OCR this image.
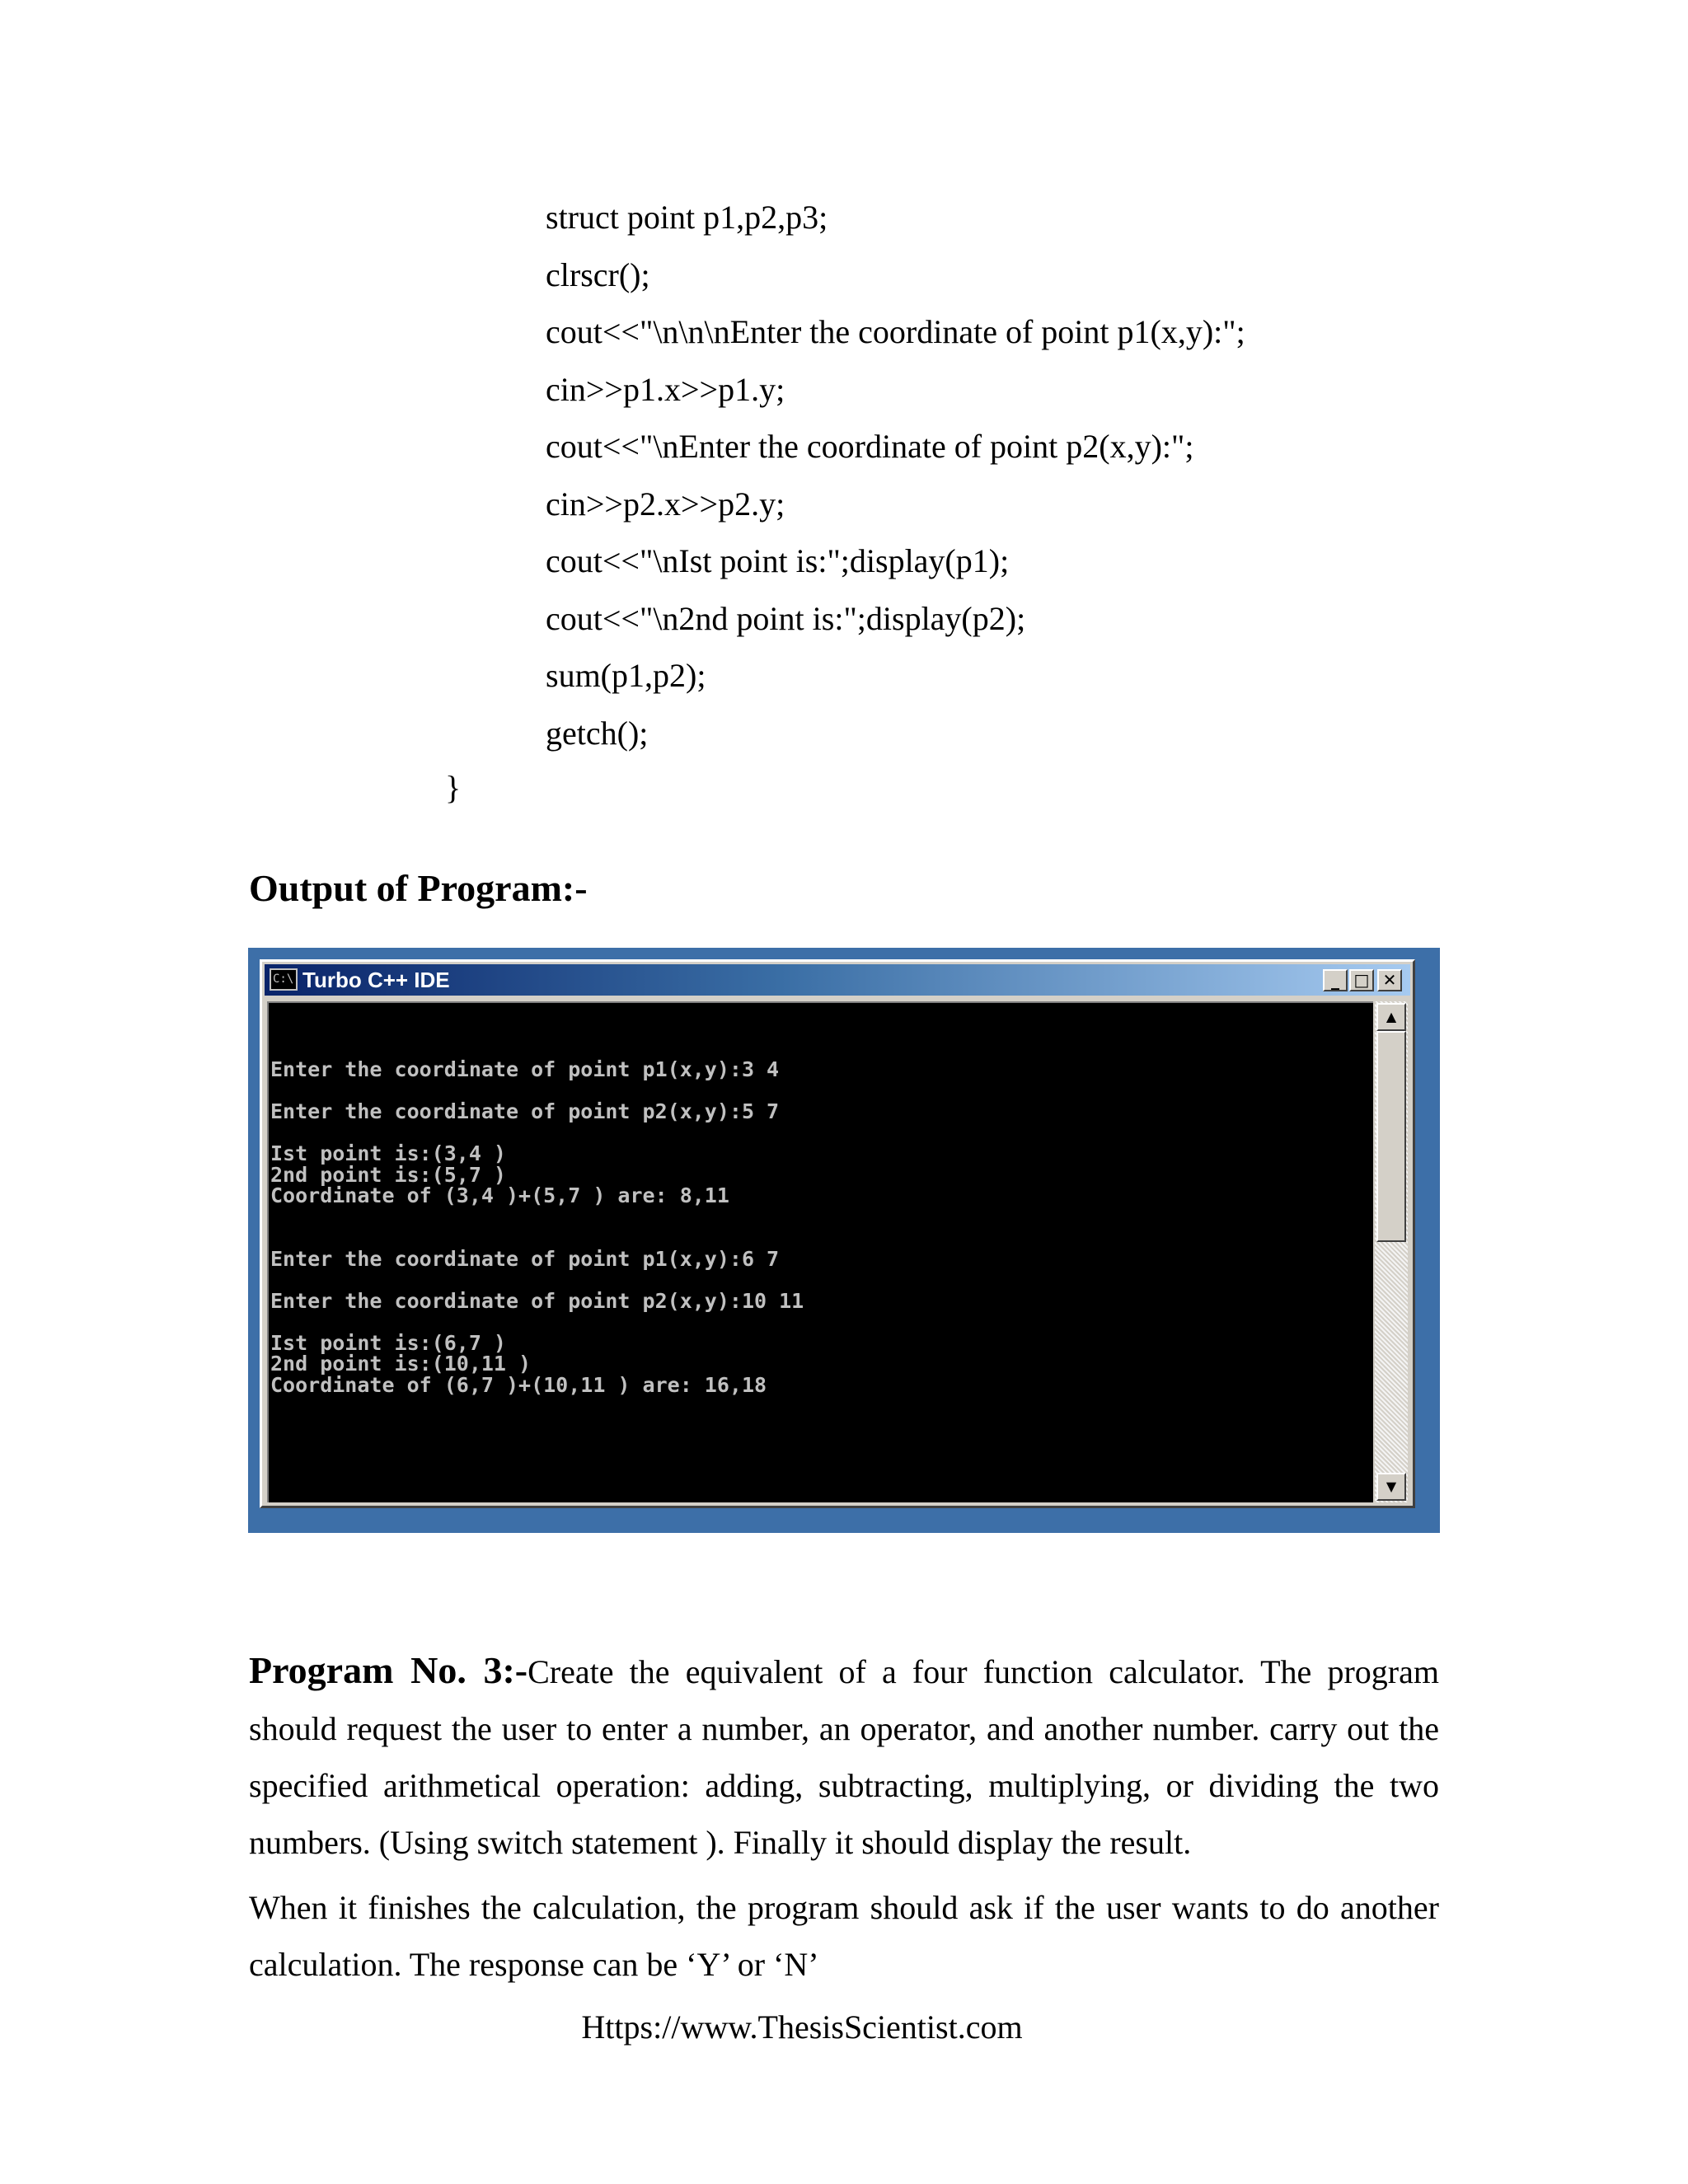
struct point p1,p2,p3;
clrscr();
cout<<"\n\n\nEnter the coordinate of point p1(x,y):";
cin>>p1.x>>p1.y;
cout<<"\nEnter the coordinate of point p2(x,y):";
cin>>p2.x>>p2.y;
cout<<"\nIst point is:";display(p1);
cout<<"\n2nd point is:";display(p2);
sum(p1,p2);
getch();
}
Output of Program:-
C:\ Turbo C++ IDE	_ □ ✕
Enter the coordinate of point p1(x,y):3 4

Enter the coordinate of point p2(x,y):5 7

Ist point is:(3,4 )
2nd point is:(5,7 )
Coordinate of (3,4 )+(5,7 ) are: 8,11

Enter the coordinate of point p1(x,y):6 7

Enter the coordinate of point p2(x,y):10 11

Ist point is:(6,7 )
2nd point is:(10,11 )
Coordinate of (6,7 )+(10,11 ) are: 16,18
▲
▼
Program No. 3:-Create the equivalent of a four function calculator. The program should request the user to enter a number, an operator, and another number. carry out the specified arithmetical operation: adding, subtracting, multiplying, or dividing the two numbers. (Using switch statement ). Finally it should display the result.
When it finishes the calculation, the program should ask if the user wants to do another calculation. The response can be ‘Y’ or ‘N’
Https://www.ThesisScientist.com
